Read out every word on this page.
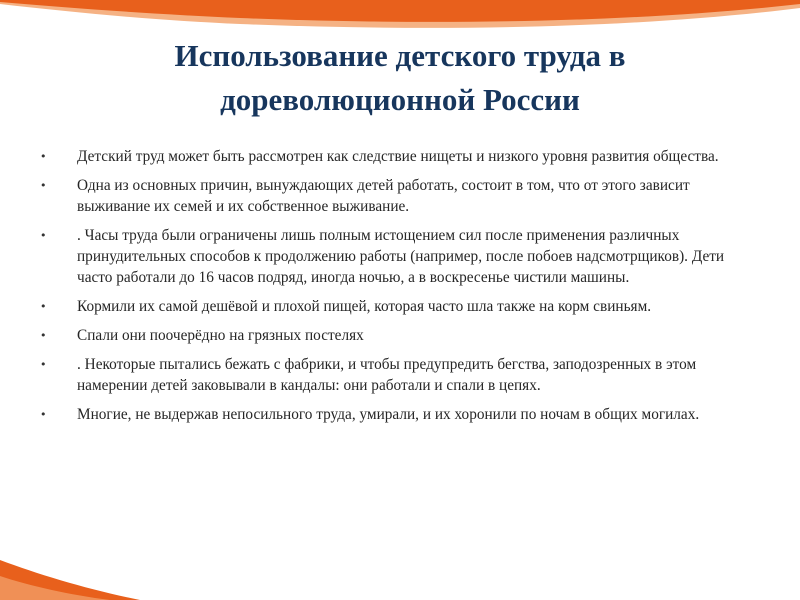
Использование детского труда в
дореволюционной России
•	Детский труд может быть рассмотрен как следствие нищеты и низкого уровня развития общества.
•	Одна из основных причин, вынуждающих детей работать, состоит в том, что от этого зависит выживание их семей и их собственное выживание.
•	. Часы труда были ограничены лишь полным истощением сил после применения различных принудительных способов к продолжению работы (например, после побоев надсмотрщиков). Дети часто работали до 16 часов подряд, иногда ночью, а в воскресенье чистили машины.
•	Кормили их самой дешёвой и плохой пищей, которая часто шла также на корм свиньям.
•	Спали они поочерёдно на грязных постелях
•	. Некоторые пытались бежать с фабрики, и чтобы предупредить бегства, заподозренных в этом намерении детей заковывали в кандалы: они работали и спали в цепях.
•	Многие, не выдержав непосильного труда, умирали, и их хоронили по ночам в общих могилах.
